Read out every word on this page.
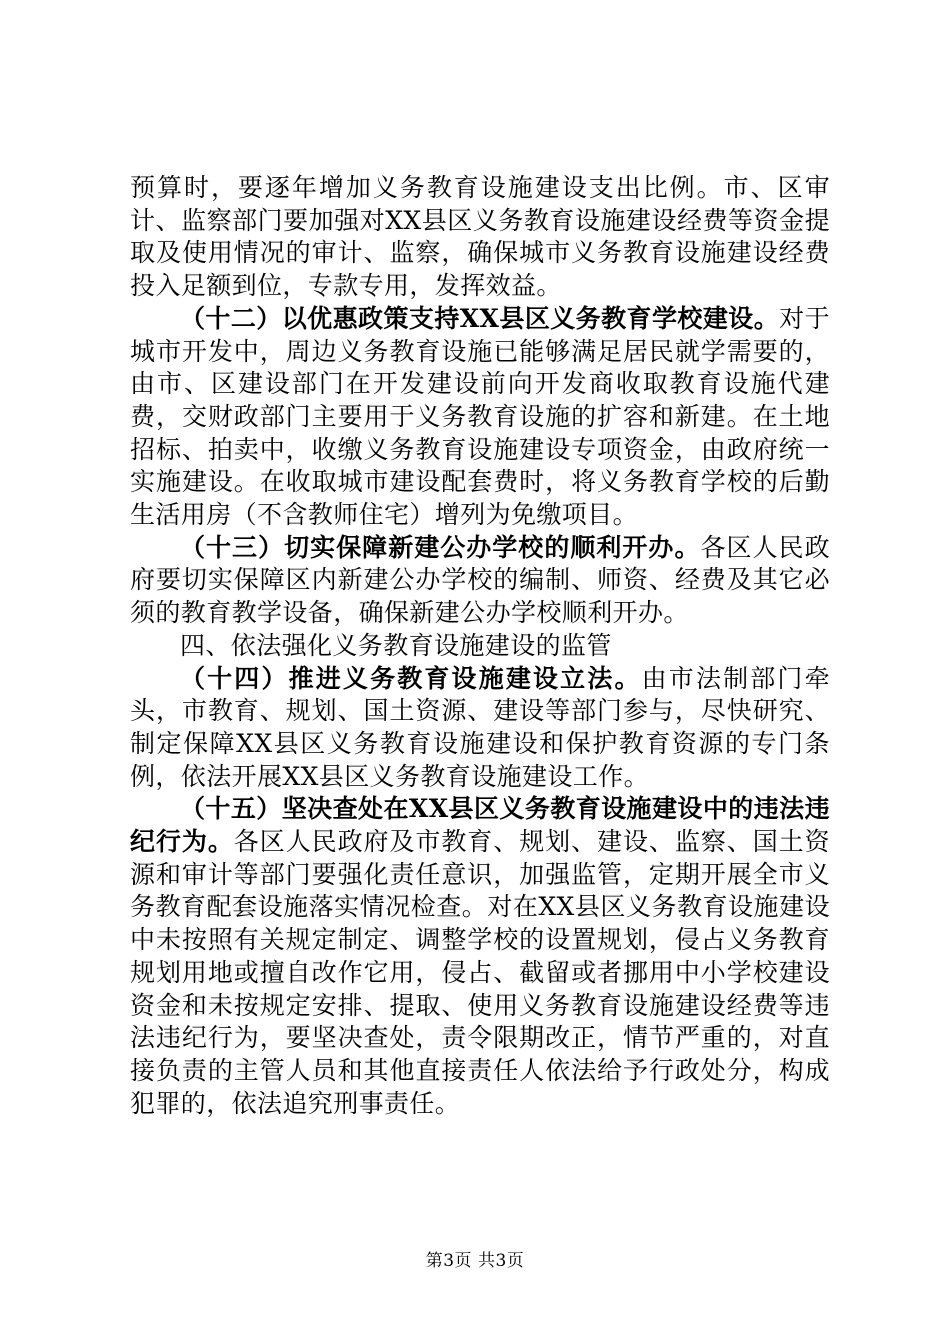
预算时，要逐年增加义务教育设施建设支出比例。市、区审计、监察部门要加强对XX县区义务教育设施建设经费等资金提取及使用情况的审计、监察，确保城市义务教育设施建设经费投入足额到位，专款专用，发挥效益。

（十二）以优惠政策支持XX县区义务教育学校建设。对于城市开发中，周边义务教育设施已能够满足居民就学需要的，由市、区建设部门在开发建设前向开发商收取教育设施代建费，交财政部门主要用于义务教育设施的扩容和新建。在土地招标、拍卖中，收缴义务教育设施建设专项资金，由政府统一实施建设。在收取城市建设配套费时，将义务教育学校的后勤生活用房（不含教师住宅）增列为免缴项目。

（十三）切实保障新建公办学校的顺利开办。各区人民政府要切实保障区内新建公办学校的编制、师资、经费及其它必须的教育教学设备，确保新建公办学校顺利开办。

四、依法强化义务教育设施建设的监管

（十四）推进义务教育设施建设立法。由市法制部门牵头，市教育、规划、国土资源、建设等部门参与，尽快研究、制定保障XX县区义务教育设施建设和保护教育资源的专门条例，依法开展XX县区义务教育设施建设工作。

（十五）坚决查处在XX县区义务教育设施建设中的违法违纪行为。各区人民政府及市教育、规划、建设、监察、国土资源和审计等部门要强化责任意识，加强监管，定期开展全市义务教育配套设施落实情况检查。对在XX县区义务教育设施建设中未按照有关规定制定、调整学校的设置规划，侵占义务教育规划用地或擅自改作它用，侵占、截留或者挪用中小学校建设资金和未按规定安排、提取、使用义务教育设施建设经费等违法违纪行为，要坚决查处，责令限期改正，情节严重的，对直接负责的主管人员和其他直接责任人依法给予行政处分，构成犯罪的，依法追究刑事责任。

第3页 共3页
